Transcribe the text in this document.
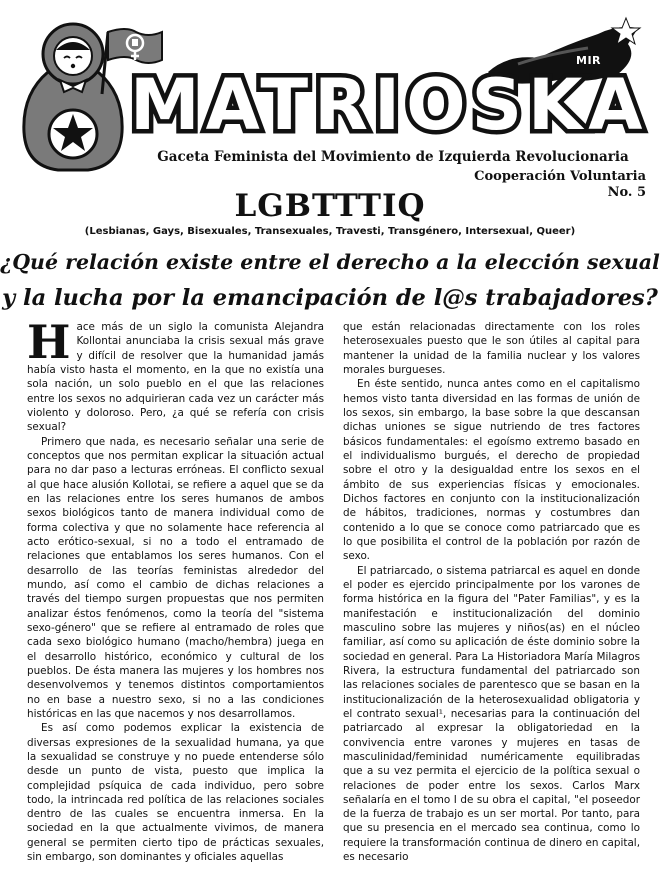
MIR
MATRIOSKA
Gaceta Feminista del Movimiento de Izquierda Revolucionaria
Cooperación Voluntaria
No. 5
LGBTTTIQ
(Lesbianas, Gays, Bisexuales, Transexuales, Travesti, Transgénero, Intersexual, Queer)
¿Qué relación existe entre el derecho a la elección sexual
y la lucha por la emancipación de l@s trabajadores?

Hace más de un siglo la comunista Alejandra Kollontai anunciaba la crisis sexual más grave y difícil de resolver que la humanidad jamás había visto hasta el momento, en la que no existía una sola nación, un solo pueblo en el que las relaciones entre los sexos no adquirieran cada vez un carácter más violento y doloroso. Pero, ¿a qué se refería con crisis sexual?

Primero que nada, es necesario señalar una serie de conceptos que nos permitan explicar la situación actual para no dar paso a lecturas erróneas. El conflicto sexual al que hace alusión Kollotai, se refiere a aquel que se da en las relaciones entre los seres humanos de ambos sexos biológicos tanto de manera individual como de forma colectiva y que no solamente hace referencia al acto erótico-sexual, si no a todo el entramado de relaciones que entablamos los seres humanos. Con el desarrollo de las teorías feministas alrededor del mundo, así como el cambio de dichas relaciones a través del tiempo surgen propuestas que nos permiten analizar éstos fenómenos, como la teoría del "sistema sexo-género" que se refiere al entramado de roles que cada sexo biológico humano (macho/hembra) juega en el desarrollo histórico, económico y cultural de los pueblos. De ésta manera las mujeres y los hombres nos desenvolvemos y tenemos distintos comportamientos no en base a nuestro sexo, si no a las condiciones históricas en las que nacemos y nos desarrollamos.

Es así como podemos explicar la existencia de diversas expresiones de la sexualidad humana, ya que la sexualidad se construye y no puede entenderse sólo desde un punto de vista, puesto que implica la complejidad psíquica de cada individuo, pero sobre todo, la intrincada red política de las relaciones sociales dentro de las cuales se encuentra inmersa. En la sociedad en la que actualmente vivimos, de manera general se permiten cierto tipo de prácticas sexuales, sin embargo, son dominantes y oficiales aquellas

que están relacionadas directamente con los roles heterosexuales puesto que le son útiles al capital para mantener la unidad de la familia nuclear y los valores morales burgueses.

En éste sentido, nunca antes como en el capitalismo hemos visto tanta diversidad en las formas de unión de los sexos, sin embargo, la base sobre la que descansan dichas uniones se sigue nutriendo de tres factores básicos fundamentales: el egoísmo extremo basado en el individualismo burgués, el derecho de propiedad sobre el otro y la desigualdad entre los sexos en el ámbito de sus experiencias físicas y emocionales. Dichos factores en conjunto con la institucionalización de hábitos, tradiciones, normas y costumbres dan contenido a lo que se conoce como patriarcado que es lo que posibilita el control de la población por razón de sexo.

El patriarcado, o sistema patriarcal es aquel en donde el poder es ejercido principalmente por los varones de forma histórica en la figura del "Pater Familias", y es la manifestación e institucionalización del dominio masculino sobre las mujeres y niños(as) en el núcleo familiar, así como su aplicación de éste dominio sobre la sociedad en general. Para La Historiadora María Milagros Rivera, la estructura fundamental del patriarcado son las relaciones sociales de parentesco que se basan en la institucionalización de la heterosexualidad obligatoria y el contrato sexual¹, necesarias para la continuación del patriarcado al expresar la obligatoriedad en la convivencia entre varones y mujeres en tasas de masculinidad/feminidad numéricamente equilibradas que a su vez permita el ejercicio de la política sexual o relaciones de poder entre los sexos. Carlos Marx señalaría en el tomo I de su obra el capital, "el poseedor de la fuerza de trabajo es un ser mortal. Por tanto, para que su presencia en el mercado sea continua, como lo requiere la transformación continua de dinero en capital, es necesario
